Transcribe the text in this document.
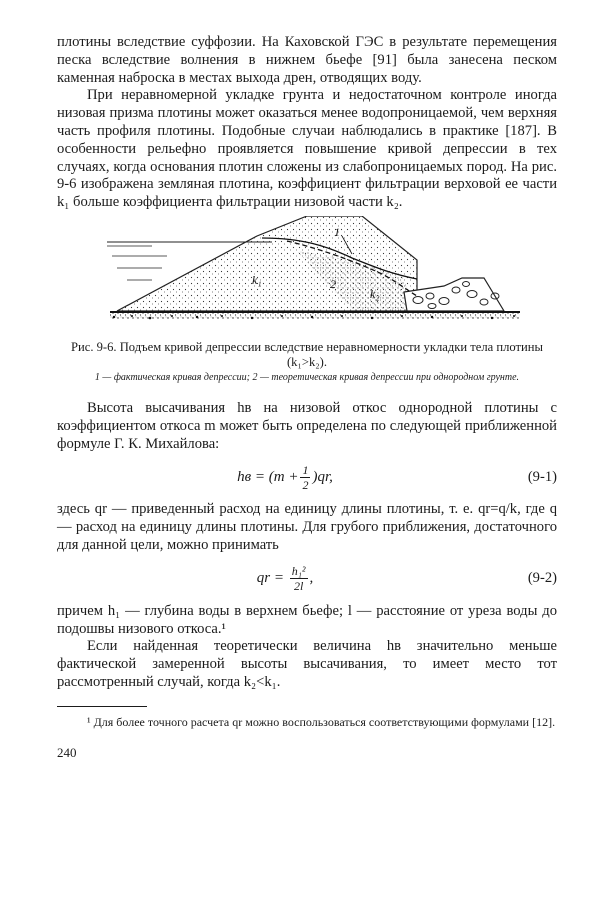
плотины вследствие суффозии. На Каховской ГЭС в результате перемещения песка вследствие волнения в нижнем бьефе [91] была занесена песком каменная наброска в местах выхода дрен, отводящих воду.

При неравномерной укладке грунта и недостаточном контроле иногда низовая призма плотины может оказаться менее водопроницаемой, чем верхняя часть профиля плотины. Подобные случаи наблюдались в практике [187]. В особенности рельефно проявляется повышение кривой депрессии в тех случаях, когда основания плотин сложены из слабопроницаемых пород. На рис. 9-6 изображена земляная плотина, коэффициент фильтрации верховой ее части k₁ больше коэффициента фильтрации низовой части k₂.

1
2
k₁
k₂
Рис. 9-6. Подъем кривой депрессии вследствие неравномерности укладки тела плотины (k₁>k₂).
1 — фактическая кривая депрессии; 2 — теоретическая кривая депрессии при однородном грунте.

Высота высачивания hв на низовой откос однородной плотины с коэффициентом откоса m может быть определена по следующей приближенной формуле Г. К. Михайлова:

hв
=
($m + \frac{1}{2}$ ) qr,	(9-1)

здесь qr — приведенный расход на единицу длины плотины, т. е. qr=q/k, где q — расход на единицу длины плотины. Для грубого приближения, достаточного для данной цели, можно принимать

qr
=
$\frac{\text{h₁²}}{2l}$ ,	(9-2)

причем h₁ — глубина воды в верхнем бьефе; l — расстояние от уреза воды до подошвы низового откоса.¹

Если найденная теоретически величина hв значительно меньше фактической замеренной высоты высачивания, то имеет место тот рассмотренный случай, когда k₂<k₁.

¹ Для более точного расчета qr можно воспользоваться соответствующими формулами [12].

240
